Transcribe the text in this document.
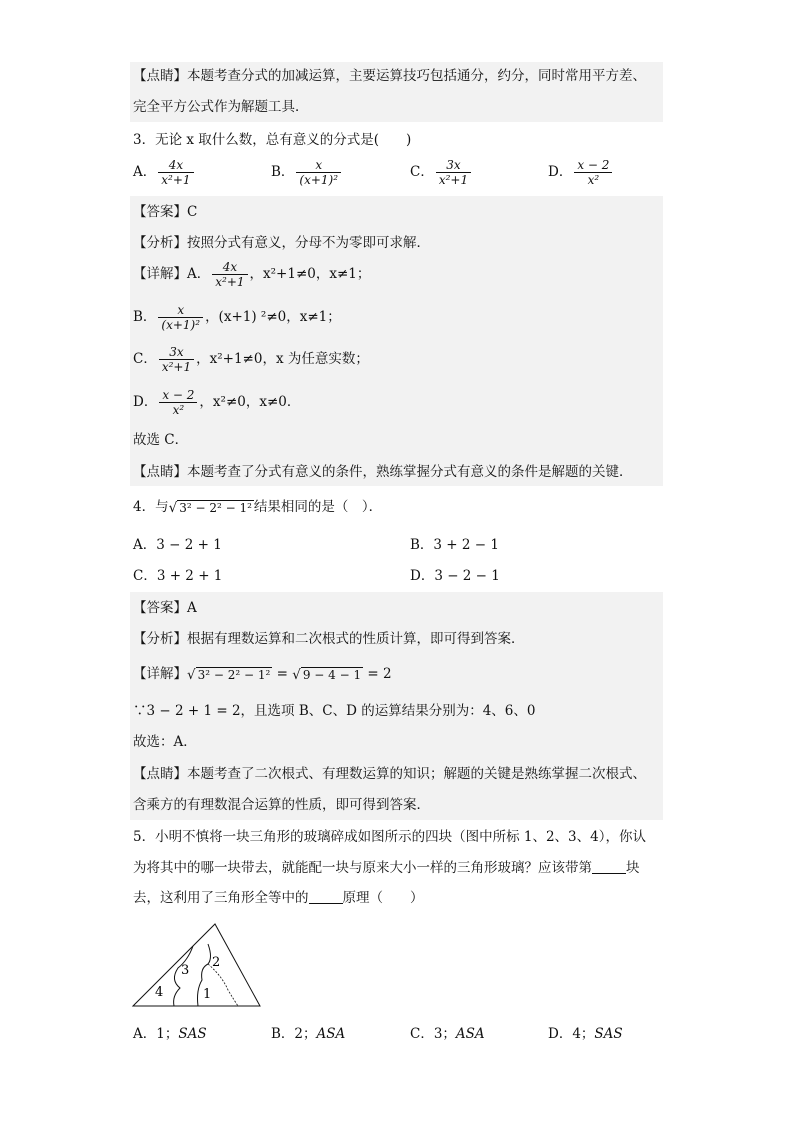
【点睛】本题考查分式的加减运算，主要运算技巧包括通分，约分，同时常用平方差、
完全平方公式作为解题工具．
3．无论 x 取什么数，总有意义的分式是(　　)
A． $\frac{4x}{\text{x²+1}}$	B． $\frac{x}{\text{(x+1)²}}$	C． $\frac{3x}{\text{x²+1}}$	D． $\frac{x - 2}{\text{x²}}$
【答案】C
【分析】按照分式有意义，分母不为零即可求解．
【详解】A． $\frac{4x}{\text{x²+1}}$ ，x²+1≠0，x≠1；
B． $\frac{x}{\text{(x+1)²}}$ ，(x+1) ²≠0，x≠1；
C． $\frac{3x}{\text{x²+1}}$ ，x²+1≠0，x 为任意实数；
D． $\frac{x - 2}{\text{x²}}$ ，x²≠0，x≠0．
故选 C．
【点睛】本题考查了分式有意义的条件，熟练掌握分式有意义的条件是解题的关键．
4．与√ 3² − 2² − 1² 结果相同的是（　）．
A．3 − 2 + 1	B．3 + 2 − 1
C．3 + 2 + 1	D．3 − 2 − 1
【答案】A
【分析】根据有理数运算和二次根式的性质计算，即可得到答案．
【详解】√ 3² − 2² − 1² = √ 9 − 4 − 1 = 2
∵3 − 2 + 1 = 2，且选项 B、C、D 的运算结果分别为：4、6、0
故选：A．
【点睛】本题考查了二次根式、有理数运算的知识；解题的关键是熟练掌握二次根式、
含乘方的有理数混合运算的性质，即可得到答案．
5．小明不慎将一块三角形的玻璃碎成如图所示的四块（图中所标 1、2、3、4），你认
为将其中的哪一块带去，就能配一块与原来大小一样的三角形玻璃？应该带第	块
去，这利用了三角形全等中的	原理（　　）
2
3
4	1
A．1；SAS	B．2；ASA	C．3；ASA	D．4；SAS
